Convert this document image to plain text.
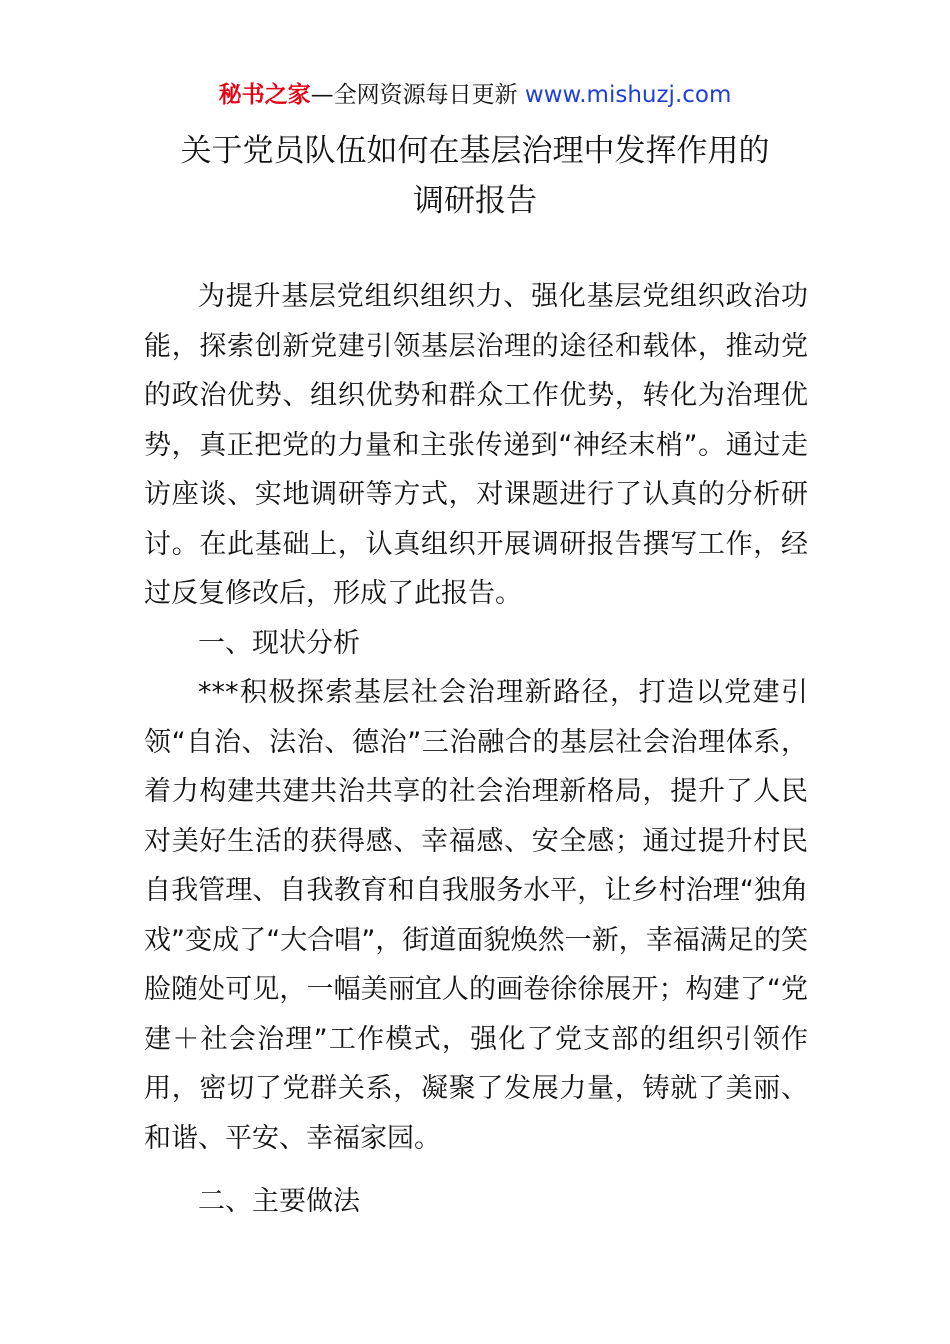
秘书之家—全网资源每日更新 www.mishuzj.com
关于党员队伍如何在基层治理中发挥作用的
调研报告

为提升基层党组织组织力、强化基层党组织政治功能，探索创新党建引领基层治理的途径和载体，推动党的政治优势、组织优势和群众工作优势，转化为治理优势，真正把党的力量和主张传递到“神经末梢”。通过走访座谈、实地调研等方式，对课题进行了认真的分析研讨。在此基础上，认真组织开展调研报告撰写工作，经过反复修改后，形成了此报告。

一、现状分析

***积极探索基层社会治理新路径，打造以党建引领“自治、法治、德治”三治融合的基层社会治理体系，着力构建共建共治共享的社会治理新格局，提升了人民对美好生活的获得感、幸福感、安全感；通过提升村民自我管理、自我教育和自我服务水平，让乡村治理“独角戏”变成了“大合唱”，街道面貌焕然一新，幸福满足的笑脸随处可见，一幅美丽宜人的画卷徐徐展开；构建了“党建＋社会治理”工作模式，强化了党支部的组织引领作用，密切了党群关系，凝聚了发展力量，铸就了美丽、和谐、平安、幸福家园。

二、主要做法
